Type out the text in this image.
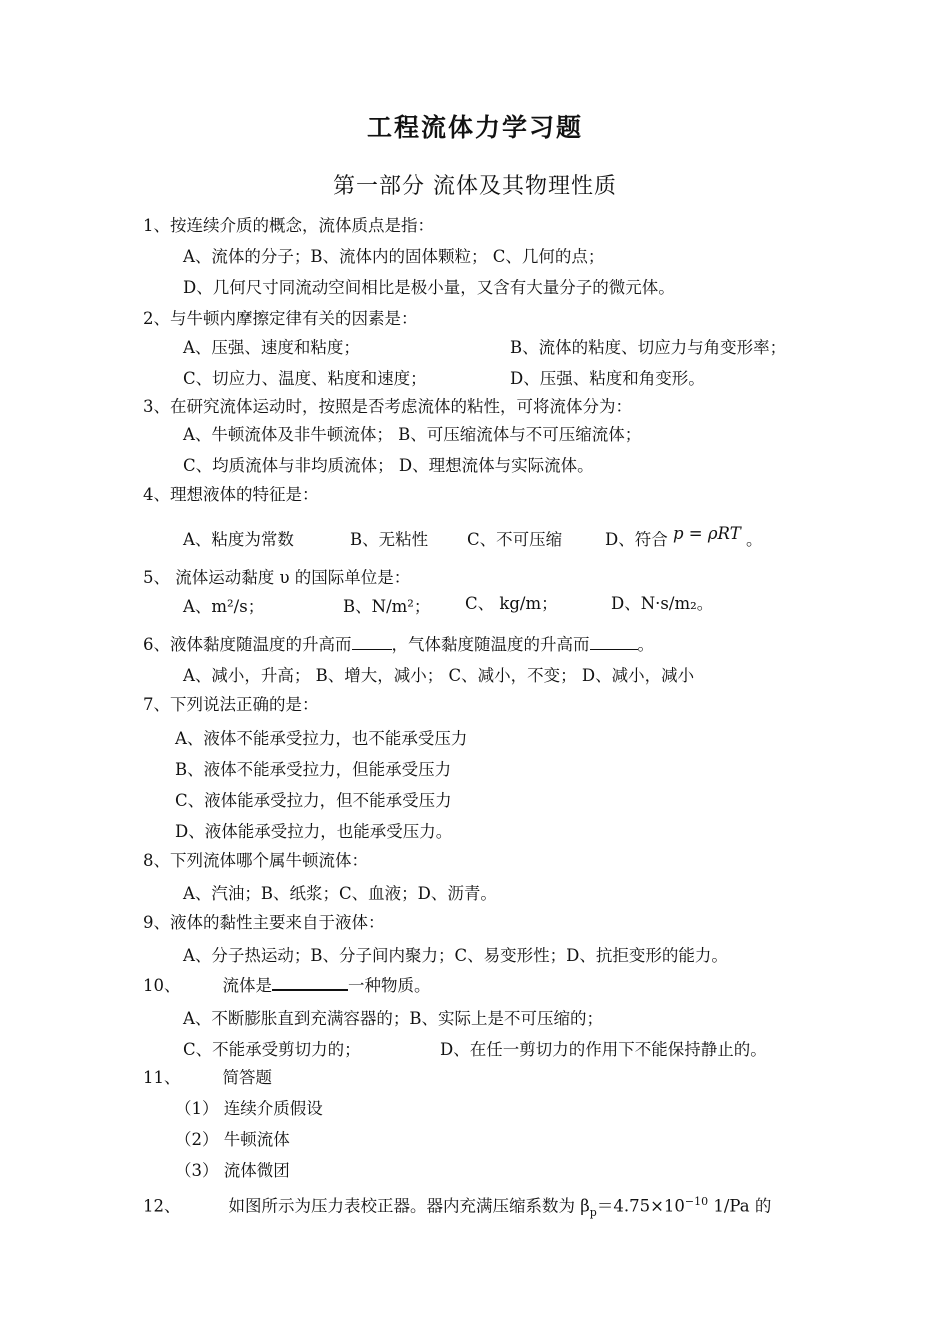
工程流体力学习题
第一部分 流体及其物理性质
1、按连续介质的概念，流体质点是指：
A、流体的分子；B、流体内的固体颗粒； C、几何的点；
D、几何尺寸同流动空间相比是极小量，又含有大量分子的微元体。
2、与牛顿内摩擦定律有关的因素是：
A、压强、速度和粘度；	B、流体的粘度、切应力与角变形率；
C、切应力、温度、粘度和速度；	D、压强、粘度和角变形。
3、在研究流体运动时，按照是否考虑流体的粘性，可将流体分为：
A、牛顿流体及非牛顿流体； B、可压缩流体与不可压缩流体；
C、均质流体与非均质流体； D、理想流体与实际流体。
4、理想液体的特征是：
A、粘度为常数	B、无粘性 C、不可压缩	D、符合 p = ρRT 。
5、 流体运动黏度 υ 的国际单位是：
A、m²/s；	B、N/m²； C、 kg/m；	D、N·s/m₂。
6、液体黏度随温度的升高而 ，气体黏度随温度的升高而	。
A、减小，升高； B、增大，减小； C、减小，不变； D、减小，减小
7、下列说法正确的是：
A、液体不能承受拉力，也不能承受压力
B、液体不能承受拉力，但能承受压力
C、液体能承受拉力，但不能承受压力
D、液体能承受拉力，也能承受压力。
8、下列流体哪个属牛顿流体：
A、汽油；B、纸浆；C、血液；D、沥青。
9、液体的黏性主要来自于液体：
A、分子热运动；B、分子间内聚力；C、易变形性；D、抗拒变形的能力。
10、	流体是	一种物质。
A、不断膨胀直到充满容器的；B、实际上是不可压缩的；
C、不能承受剪切力的；	D、在任一剪切力的作用下不能保持静止的。
11、	简答题
（1） 连续介质假设
（2） 牛顿流体
（3） 流体微团
12、	如图所示为压力表校正器。器内充满压缩系数为 $\beta_p=4.75\times 10^{-10}$ 1/Pa 的
